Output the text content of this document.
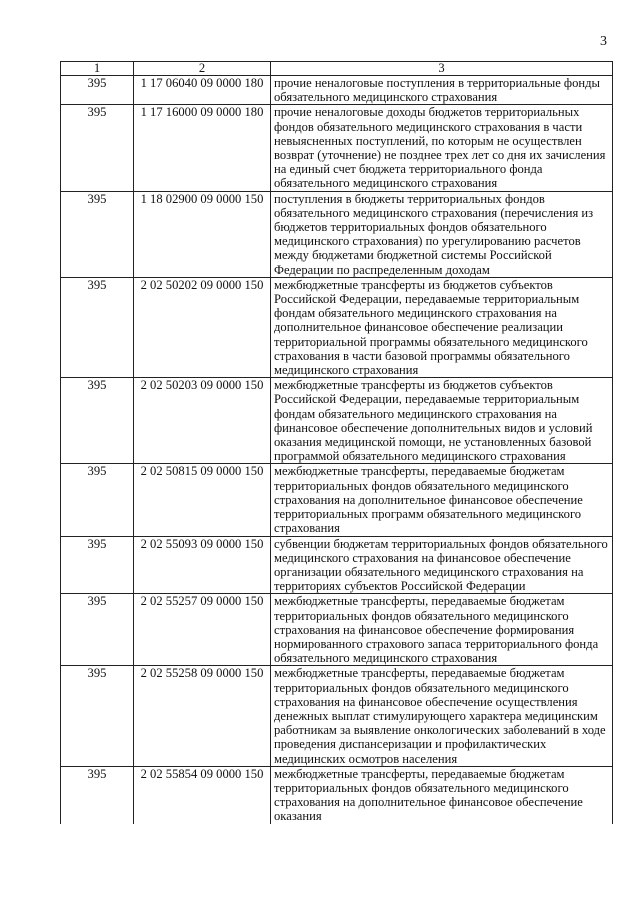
3
1	2	3
395	1 17 06040 09 0000 180	прочие неналоговые поступления в территориальные фонды обязательного медицинского страхования
395	1 17 16000 09 0000 180	прочие неналоговые доходы бюджетов территориальных фондов обязательного медицинского страхования в части невыясненных поступлений, по которым не осуществлен возврат (уточнение) не позднее трех лет со дня их зачисления на единый счет бюджета территориального фонда обязательного медицинского страхования
395	1 18 02900 09 0000 150	поступления в бюджеты территориальных фондов обязательного медицинского страхования (перечисления из бюджетов территориальных фондов обязательного медицинского страхования) по урегулированию расчетов между бюджетами бюджетной системы Российской Федерации по распределенным доходам
395	2 02 50202 09 0000 150	межбюджетные трансферты из бюджетов субъектов Российской Федерации, передаваемые территориальным фондам обязательного медицинского страхования на дополнительное финансовое обеспечение реализации территориальной программы обязательного медицинского страхования в части базовой программы обязательного медицинского страхования
395	2 02 50203 09 0000 150	межбюджетные трансферты из бюджетов субъектов Российской Федерации, передаваемые территориальным фондам обязательного медицинского страхования на финансовое обеспечение дополнительных видов и условий оказания медицинской помощи, не установленных базовой программой обязательного медицинского страхования
395	2 02 50815 09 0000 150	межбюджетные трансферты, передаваемые бюджетам территориальных фондов обязательного медицинского страхования на дополнительное финансовое обеспечение территориальных программ обязательного медицинского страхования
395	2 02 55093 09 0000 150	субвенции бюджетам территориальных фондов обязательного медицинского страхования на финансовое обеспечение организации обязательного медицинского страхования на территориях субъектов Российской Федерации
395	2 02 55257 09 0000 150	межбюджетные трансферты, передаваемые бюджетам территориальных фондов обязательного медицинского страхования на финансовое обеспечение формирования нормированного страхового запаса территориального фонда обязательного медицинского страхования
395	2 02 55258 09 0000 150	межбюджетные трансферты, передаваемые бюджетам территориальных фондов обязательного медицинского страхования на финансовое обеспечение осуществления денежных выплат стимулирующего характера медицинским работникам за выявление онкологических заболеваний в ходе проведения диспансеризации и профилактических медицинских осмотров населения
395	2 02 55854 09 0000 150	межбюджетные трансферты, передаваемые бюджетам территориальных фондов обязательного медицинского страхования на дополнительное финансовое обеспечение оказания
